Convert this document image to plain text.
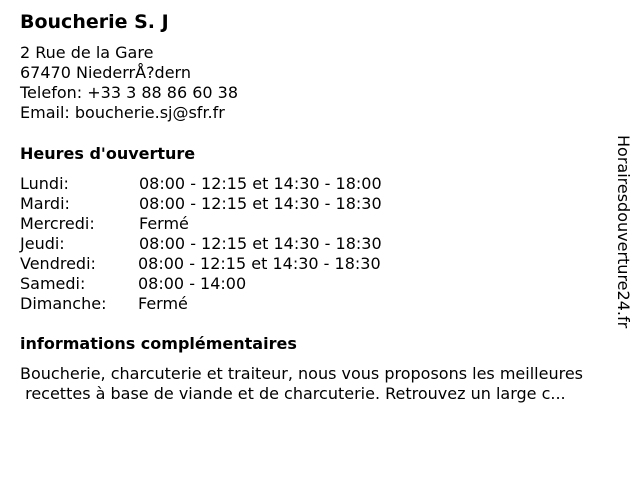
Boucherie S. J
2 Rue de la Gare
67470 NiederrÅ?dern
Telefon: +33 3 88 86 60 38
Email: boucherie.sj@sfr.fr
Heures d'ouverture
Lundi:	08:00 - 12:15 et 14:30 - 18:00
Mardi:	08:00 - 12:15 et 14:30 - 18:30
Mercredi:	Fermé
Jeudi:	08:00 - 12:15 et 14:30 - 18:30
Vendredi:	08:00 - 12:15 et 14:30 - 18:30
Samedi:	08:00 - 14:00
Dimanche: Fermé
informations complémentaires
Boucherie, charcuterie et traiteur, nous vous proposons les meilleures
recettes à base de viande et de charcuterie. Retrouvez un large c...
Horairesdouverture24.fr
